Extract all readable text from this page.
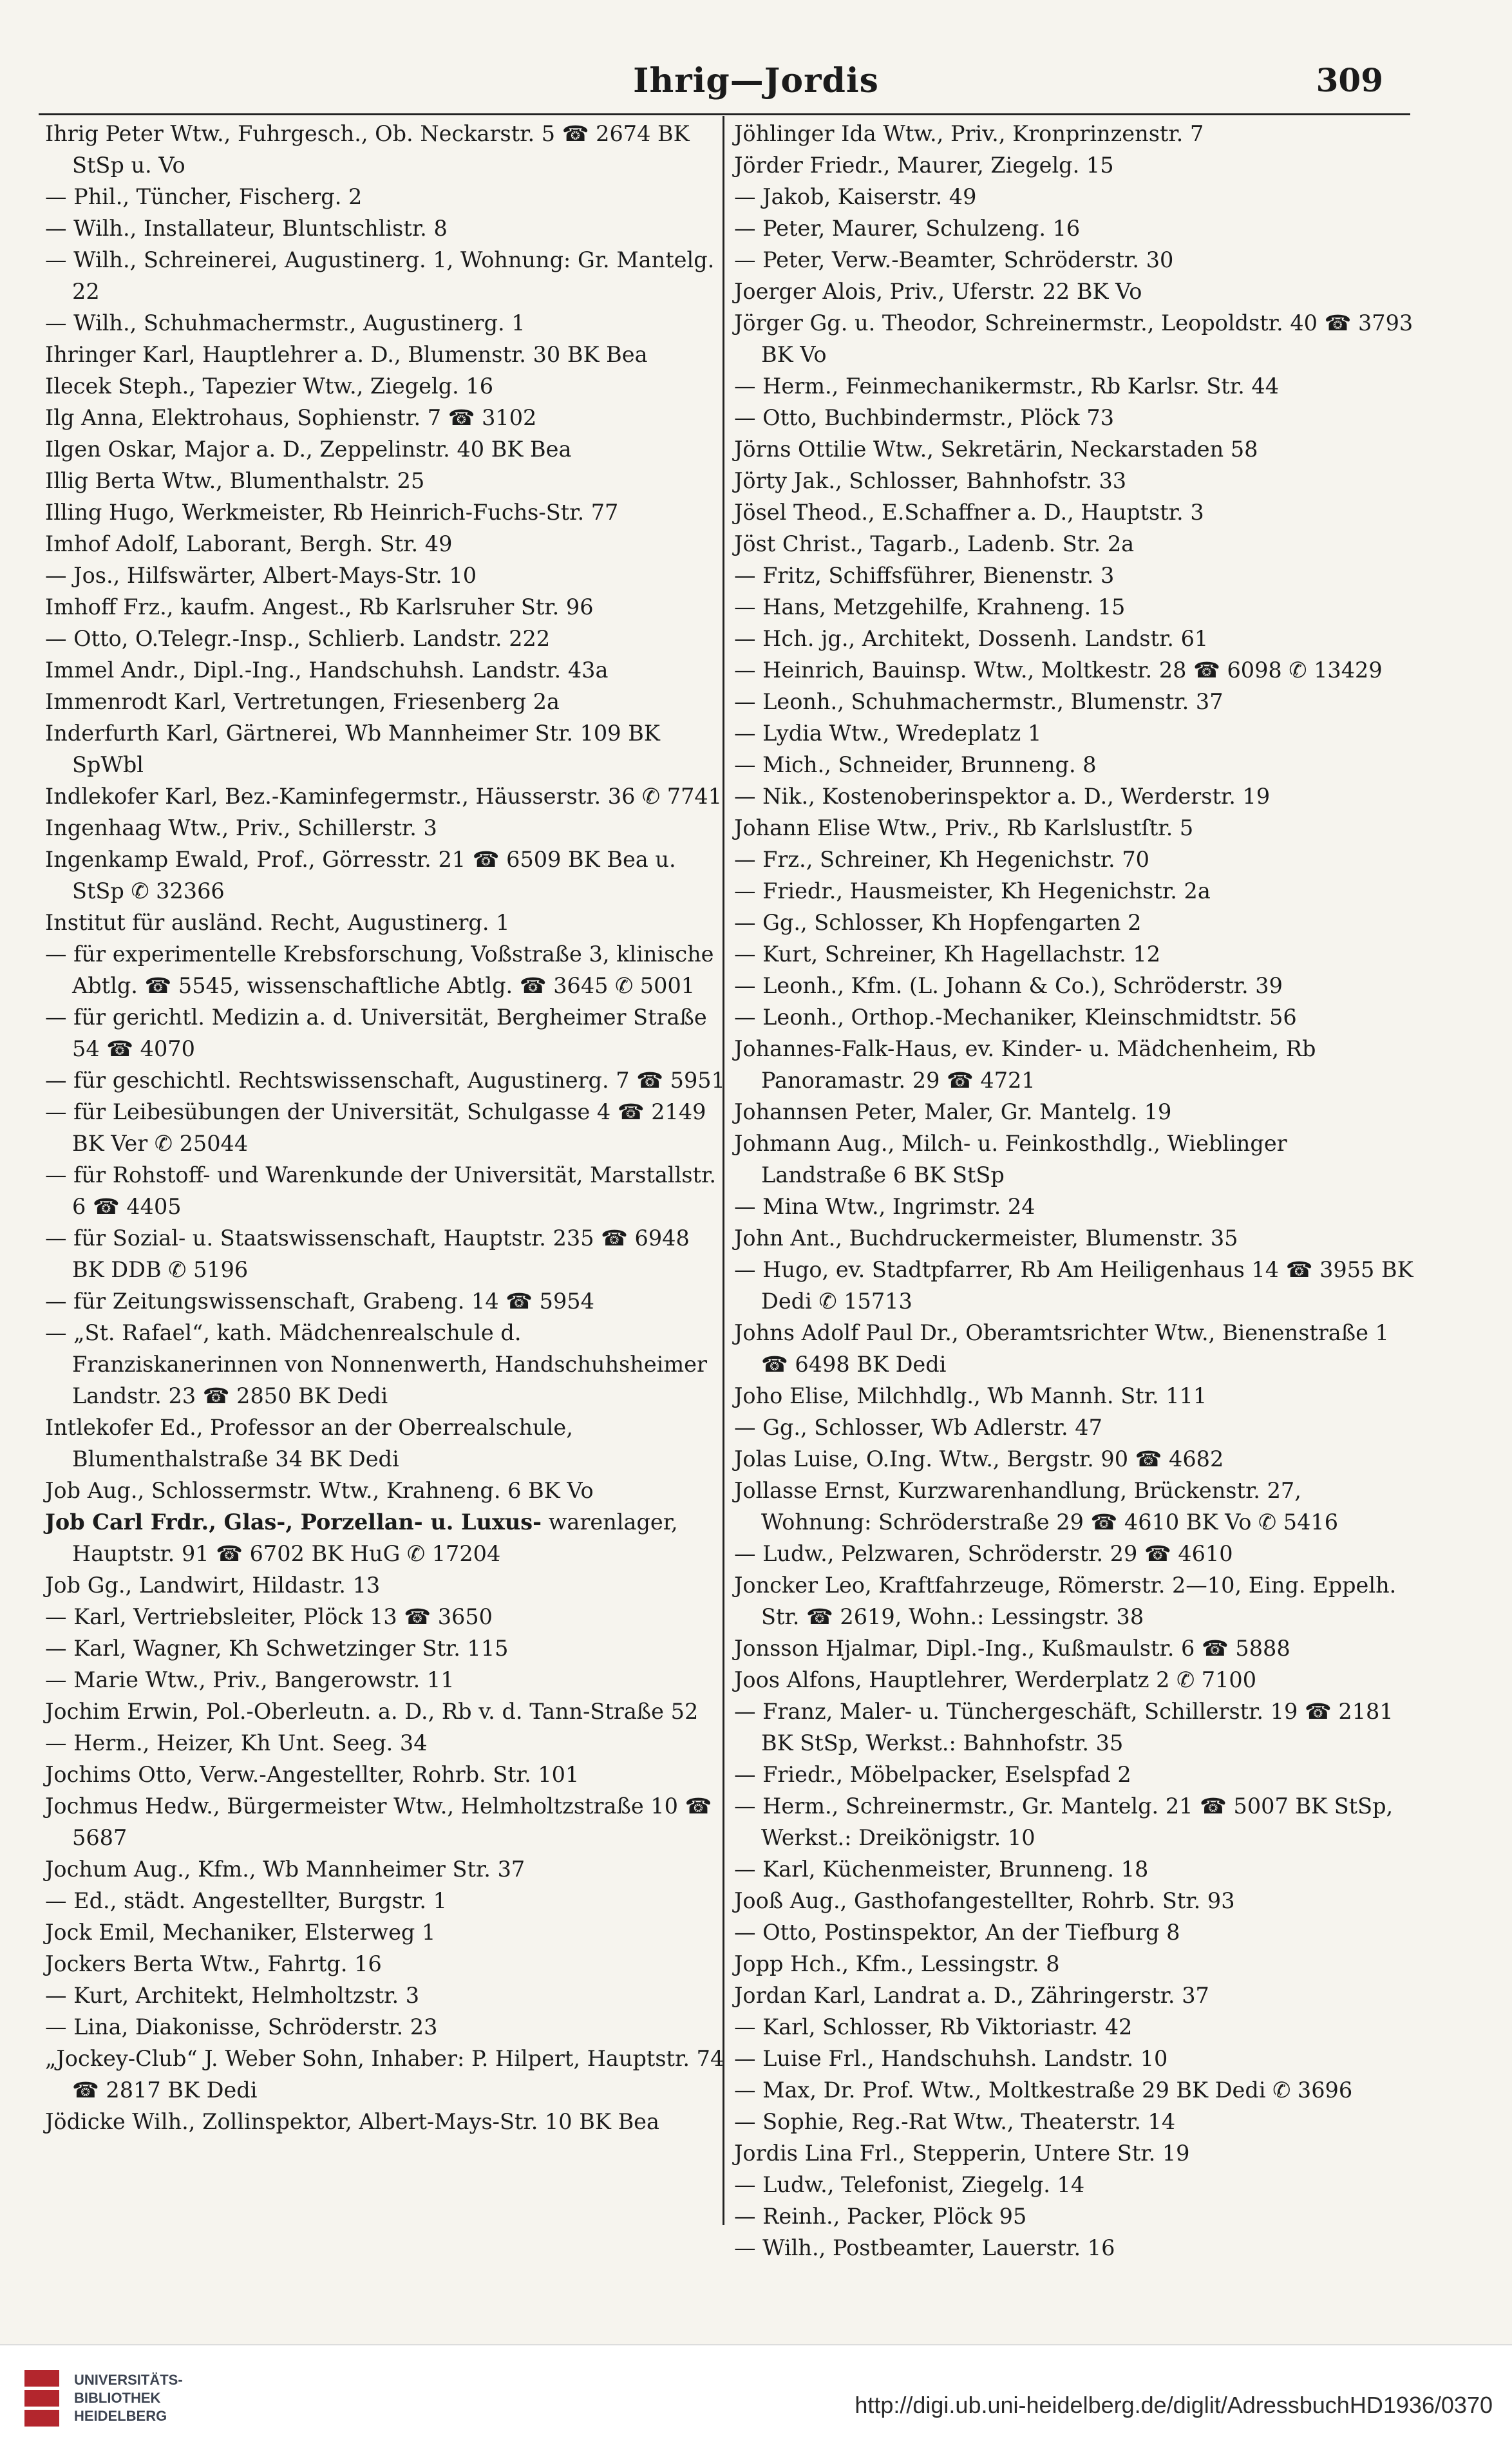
Ihrig—Jordis	309
Ihrig Peter Wtw., Fuhrgesch., Ob. Neckarstr. 5 ☎ 2674 BK StSp u. Vo
— Phil., Tüncher, Fischerg. 2
— Wilh., Installateur, Bluntschlistr. 8
— Wilh., Schreinerei, Augustinerg. 1, Wohnung: Gr. Mantelg. 22
— Wilh., Schuhmachermstr., Augustinerg. 1
Ihringer Karl, Hauptlehrer a. D., Blumenstr. 30 BK Bea
Ilecek Steph., Tapezier Wtw., Ziegelg. 16
Ilg Anna, Elektrohaus, Sophienstr. 7 ☎ 3102
Ilgen Oskar, Major a. D., Zeppelinstr. 40 BK Bea
Illig Berta Wtw., Blumenthalstr. 25
Illing Hugo, Werkmeister, Rb Heinrich-Fuchs-Str. 77
Imhof Adolf, Laborant, Bergh. Str. 49
— Jos., Hilfswärter, Albert-Mays-Str. 10
Imhoff Frz., kaufm. Angest., Rb Karlsruher Str. 96
— Otto, O.Telegr.-Insp., Schlierb. Landstr. 222
Immel Andr., Dipl.-Ing., Handschuhsh. Landstr. 43a
Immenrodt Karl, Vertretungen, Friesenberg 2a
Inderfurth Karl, Gärtnerei, Wb Mannheimer Str. 109 BK SpWbl
Indlekofer Karl, Bez.-Kaminfegermstr., Häusserstr. 36 ✆ 7741
Ingenhaag Wtw., Priv., Schillerstr. 3
Ingenkamp Ewald, Prof., Görresstr. 21 ☎ 6509 BK Bea u. StSp ✆ 32366
Institut für ausländ. Recht, Augustinerg. 1
— für experimentelle Krebsforschung, Voßstraße 3, klinische Abtlg. ☎ 5545, wissenschaftliche Abtlg. ☎ 3645 ✆ 5001
— für gerichtl. Medizin a. d. Universität, Bergheimer Straße 54 ☎ 4070
— für geschichtl. Rechtswissenschaft, Augustinerg. 7 ☎ 5951
— für Leibesübungen der Universität, Schulgasse 4 ☎ 2149 BK Ver ✆ 25044
— für Rohstoff- und Warenkunde der Universität, Marstallstr. 6 ☎ 4405
— für Sozial- u. Staatswissenschaft, Hauptstr. 235 ☎ 6948 BK DDB ✆ 5196
— für Zeitungswissenschaft, Grabeng. 14 ☎ 5954
— „St. Rafael“, kath. Mädchenrealschule d. Franziskanerinnen von Nonnenwerth, Handschuhsheimer Landstr. 23 ☎ 2850 BK Dedi
Intlekofer Ed., Professor an der Oberrealschule, Blumenthalstraße 34 BK Dedi
Job Aug., Schlossermstr. Wtw., Krahneng. 6 BK Vo
Job Carl Frdr., Glas-, Porzellan- u. Luxus- warenlager, Hauptstr. 91 ☎ 6702 BK HuG ✆ 17204
Job Gg., Landwirt, Hildastr. 13
— Karl, Vertriebsleiter, Plöck 13 ☎ 3650
— Karl, Wagner, Kh Schwetzinger Str. 115
— Marie Wtw., Priv., Bangerowstr. 11
Jochim Erwin, Pol.-Oberleutn. a. D., Rb v. d. Tann-Straße 52
— Herm., Heizer, Kh Unt. Seeg. 34
Jochims Otto, Verw.-Angestellter, Rohrb. Str. 101
Jochmus Hedw., Bürgermeister Wtw., Helmholtzstraße 10 ☎ 5687
Jochum Aug., Kfm., Wb Mannheimer Str. 37
— Ed., städt. Angestellter, Burgstr. 1
Jock Emil, Mechaniker, Elsterweg 1
Jockers Berta Wtw., Fahrtg. 16
— Kurt, Architekt, Helmholtzstr. 3
— Lina, Diakonisse, Schröderstr. 23
„Jockey-Club“ J. Weber Sohn, Inhaber: P. Hilpert, Hauptstr. 74 ☎ 2817 BK Dedi
Jödicke Wilh., Zollinspektor, Albert-Mays-Str. 10 BK Bea
Jöhlinger Ida Wtw., Priv., Kronprinzenstr. 7
Jörder Friedr., Maurer, Ziegelg. 15
— Jakob, Kaiserstr. 49
— Peter, Maurer, Schulzeng. 16
— Peter, Verw.-Beamter, Schröderstr. 30
Joerger Alois, Priv., Uferstr. 22 BK Vo
Jörger Gg. u. Theodor, Schreinermstr., Leopoldstr. 40 ☎ 3793 BK Vo
— Herm., Feinmechanikermstr., Rb Karlsr. Str. 44
— Otto, Buchbindermstr., Plöck 73
Jörns Ottilie Wtw., Sekretärin, Neckarstaden 58
Jörty Jak., Schlosser, Bahnhofstr. 33
Jösel Theod., E.Schaffner a. D., Hauptstr. 3
Jöst Christ., Tagarb., Ladenb. Str. 2a
— Fritz, Schiffsführer, Bienenstr. 3
— Hans, Metzgehilfe, Krahneng. 15
— Hch. jg., Architekt, Dossenh. Landstr. 61
— Heinrich, Bauinsp. Wtw., Moltkestr. 28 ☎ 6098 ✆ 13429
— Leonh., Schuhmachermstr., Blumenstr. 37
— Lydia Wtw., Wredeplatz 1
— Mich., Schneider, Brunneng. 8
— Nik., Kostenoberinspektor a. D., Werderstr. 19
Johann Elise Wtw., Priv., Rb Karlslustſtr. 5
— Frz., Schreiner, Kh Hegenichstr. 70
— Friedr., Hausmeister, Kh Hegenichstr. 2a
— Gg., Schlosser, Kh Hopfengarten 2
— Kurt, Schreiner, Kh Hagellachstr. 12
— Leonh., Kfm. (L. Johann & Co.), Schröderstr. 39
— Leonh., Orthop.-Mechaniker, Kleinschmidtstr. 56
Johannes-Falk-Haus, ev. Kinder- u. Mädchenheim, Rb Panoramastr. 29 ☎ 4721
Johannsen Peter, Maler, Gr. Mantelg. 19
Johmann Aug., Milch- u. Feinkosthdlg., Wieblinger Landstraße 6 BK StSp
— Mina Wtw., Ingrimstr. 24
John Ant., Buchdruckermeister, Blumenstr. 35
— Hugo, ev. Stadtpfarrer, Rb Am Heiligenhaus 14 ☎ 3955 BK Dedi ✆ 15713
Johns Adolf Paul Dr., Oberamtsrichter Wtw., Bienenstraße 1 ☎ 6498 BK Dedi
Joho Elise, Milchhdlg., Wb Mannh. Str. 111
— Gg., Schlosser, Wb Adlerstr. 47
Jolas Luise, O.Ing. Wtw., Bergstr. 90 ☎ 4682
Jollasse Ernst, Kurzwarenhandlung, Brückenstr. 27, Wohnung: Schröderstraße 29 ☎ 4610 BK Vo ✆ 5416
— Ludw., Pelzwaren, Schröderstr. 29 ☎ 4610
Joncker Leo, Kraftfahrzeuge, Römerstr. 2—10, Eing. Eppelh. Str. ☎ 2619, Wohn.: Lessingstr. 38
Jonsson Hjalmar, Dipl.-Ing., Kußmaulstr. 6 ☎ 5888
Joos Alfons, Hauptlehrer, Werderplatz 2 ✆ 7100
— Franz, Maler- u. Tünchergeschäft, Schillerstr. 19 ☎ 2181 BK StSp, Werkst.: Bahnhofstr. 35
— Friedr., Möbelpacker, Eselspfad 2
— Herm., Schreinermstr., Gr. Mantelg. 21 ☎ 5007 BK StSp, Werkst.: Dreikönigstr. 10
— Karl, Küchenmeister, Brunneng. 18
Jooß Aug., Gasthofangestellter, Rohrb. Str. 93
— Otto, Postinspektor, An der Tiefburg 8
Jopp Hch., Kfm., Lessingstr. 8
Jordan Karl, Landrat a. D., Zähringerstr. 37
— Karl, Schlosser, Rb Viktoriastr. 42
— Luise Frl., Handschuhsh. Landstr. 10
— Max, Dr. Prof. Wtw., Moltkestraße 29 BK Dedi ✆ 3696
— Sophie, Reg.-Rat Wtw., Theaterstr. 14
Jordis Lina Frl., Stepperin, Untere Str. 19
— Ludw., Telefonist, Ziegelg. 14
— Reinh., Packer, Plöck 95
— Wilh., Postbeamter, Lauerstr. 16
UNIVERSITÄTS-
BIBLIOTHEK
HEIDELBERG	http://digi.ub.uni-heidelberg.de/diglit/AdressbuchHD1936/0370
